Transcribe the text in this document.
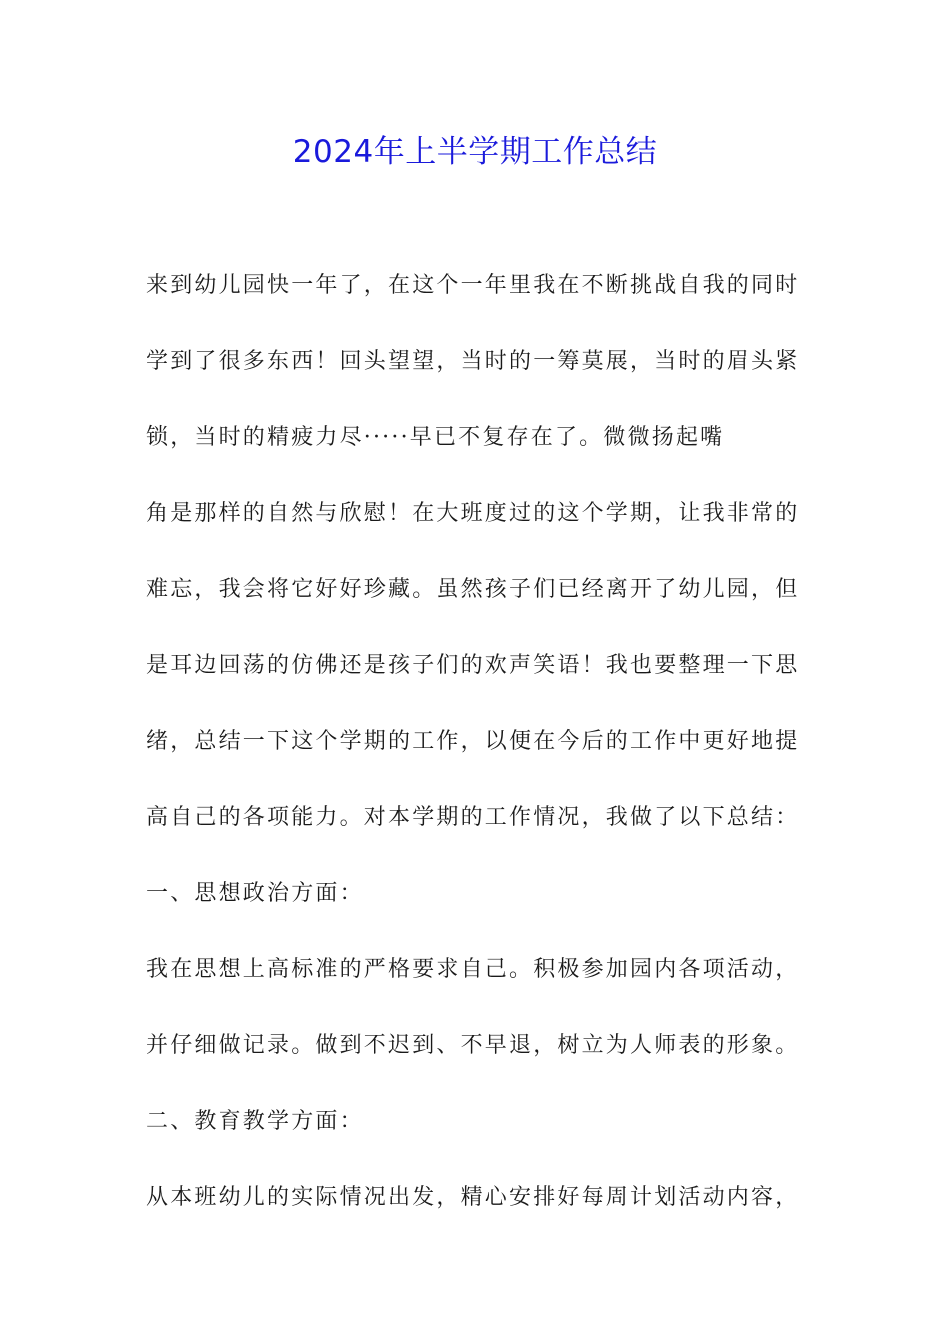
2024年上半学期工作总结
来到幼儿园快一年了，在这个一年里我在不断挑战自我的同时
学到了很多东西！回头望望，当时的一筹莫展，当时的眉头紧
锁，当时的精疲力尽·····早已不复存在了。微微扬起嘴
角是那样的自然与欣慰！在大班度过的这个学期，让我非常的
难忘，我会将它好好珍藏。虽然孩子们已经离开了幼儿园，但
是耳边回荡的仿佛还是孩子们的欢声笑语！我也要整理一下思
绪，总结一下这个学期的工作，以便在今后的工作中更好地提
高自己的各项能力。对本学期的工作情况，我做了以下总结：
一、思想政治方面：
我在思想上高标准的严格要求自己。积极参加园内各项活动，
并仔细做记录。做到不迟到、不早退，树立为人师表的形象。
二、教育教学方面：
从本班幼儿的实际情况出发，精心安排好每周计划活动内容，
